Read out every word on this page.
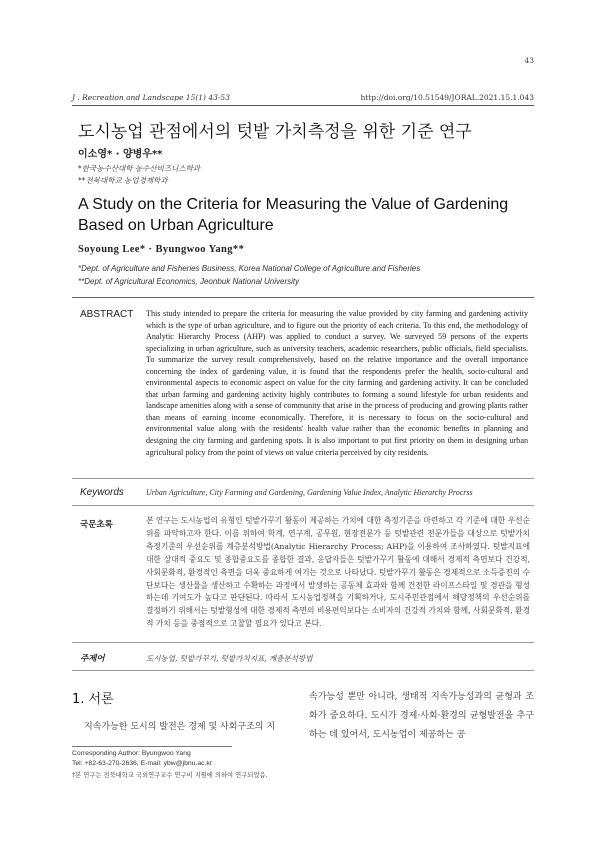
43
J . Recreation and Landscape 15(1) 43-53	http://doi.org/10.51549/JORAL.2021.15.1.043
도시농업 관점에서의 텃밭 가치측정을 위한 기준 연구
이소영* · 양병우**
*한국농수산대학 농수산비즈니스학과
**전북대학교 농업경제학과
A Study on the Criteria for Measuring the Value of Gardening Based on Urban Agriculture
Soyoung Lee* · Byungwoo Yang**
*Dept. of Agriculture and Fisheries Business, Korea National College of Agriculture and Fisheries
**Dept. of Agricultural Economics, Jeonbuk National University
ABSTRACT This study intended to prepare the criteria for measuring the value provided by city farming and gardening activity which is the type of urban agriculture, and to figure out the priority of each criteria. To this end, the methodology of Analytic Hierarchy Process (AHP) was applied to conduct a survey. We surveyed 59 persons of the experts specializing in urban agriculture, such as university teachers, academic researchers, public officials, field specialists. To summarize the survey result comprehensively, based on the relative importance and the overall importance concerning the index of gardening value, it is found that the respondents prefer the health, socio-cultural and environmental aspects to economic aspect on value for the city farming and gardening activity. It can be concluded that urban farming and gardening activity highly contributes to forming a sound lifestyle for urban residents and landscape amenities along with a sense of community that arise in the process of producing and growing plants rather than means of earning income economically. Therefore, it is necessary to focus on the socio-cultural and environmental value along with the residents' health value rather than the economic benefits in planning and designing the city farming and gardening spots. It is also important to put first priority on them in designing urban agricultural policy from the point of views on value criteria perceived by city residents.
Keywords	Urban Agriculture, City Farming and Gardening, Gardening Value Index, Analytic Hierarchy Procrss
국문초록	본 연구는 도시농업의 유형인 텃밭가꾸기 활동이 제공하는 가치에 대한 측정기준을 마련하고 각 기준에 대한 우선순위를 파악하고자 한다. 이를 위하여 학계, 연구계, 공무원, 현장전문가 등 텃밭관련 전문가들을 대상으로 텃밭가치 측정기준의 우선순위를 계층분석방법(Analytic Hierarchy Process; AHP)을 이용하여 조사하였다. 텃밭지표에 대한 상대적 중요도 및 종합중요도를 종합한 결과, 응답자들은 텃밭가꾸기 활동에 대해서 경제적 측면보다 건강적, 사회문화적, 환경적인 측면을 더욱 중요하게 여기는 것으로 나타났다. 텃밭가꾸기 활동은 경제적으로 소득증진의 수단보다는 생산물을 생산하고 수확하는 과정에서 발생하는 공동체 효과와 함께 건전한 라이프스타일 및 경관을 형성하는데 기여도가 높다고 판단된다. 따라서 도시농업정책을 기획하거나, 도시주민관점에서 해당정책의 우선순위를 결정하기 위해서는 텃밭형성에 대한 경제적 측면의 비용편익보다는 소비자의 건강적 가치와 함께, 사회문화적, 환경적 가치 등을 중점적으로 고찰할 필요가 있다고 본다.
주제어	도시농업, 텃밭가꾸기, 텃밭가치지표, 계층분석방법
1. 서론
지속가능한 도시의 발전은 경제 및 사회구조의 지
속가능성 뿐만 아니라, 생태적 지속가능성과의 균형과 조화가 중요하다. 도시가 경제·사회·환경의 균형발전을 추구하는 데 있어서, 도시농업이 제공하는 공
Corresponding Author: Byungwoo Yang
Tel: +82-63-270-2636, E-mail: ybw@jbnu.ac.kr
†본 연구는 전북대학교 국외연구교수 연구비 지원에 의하여 연구되었음.
